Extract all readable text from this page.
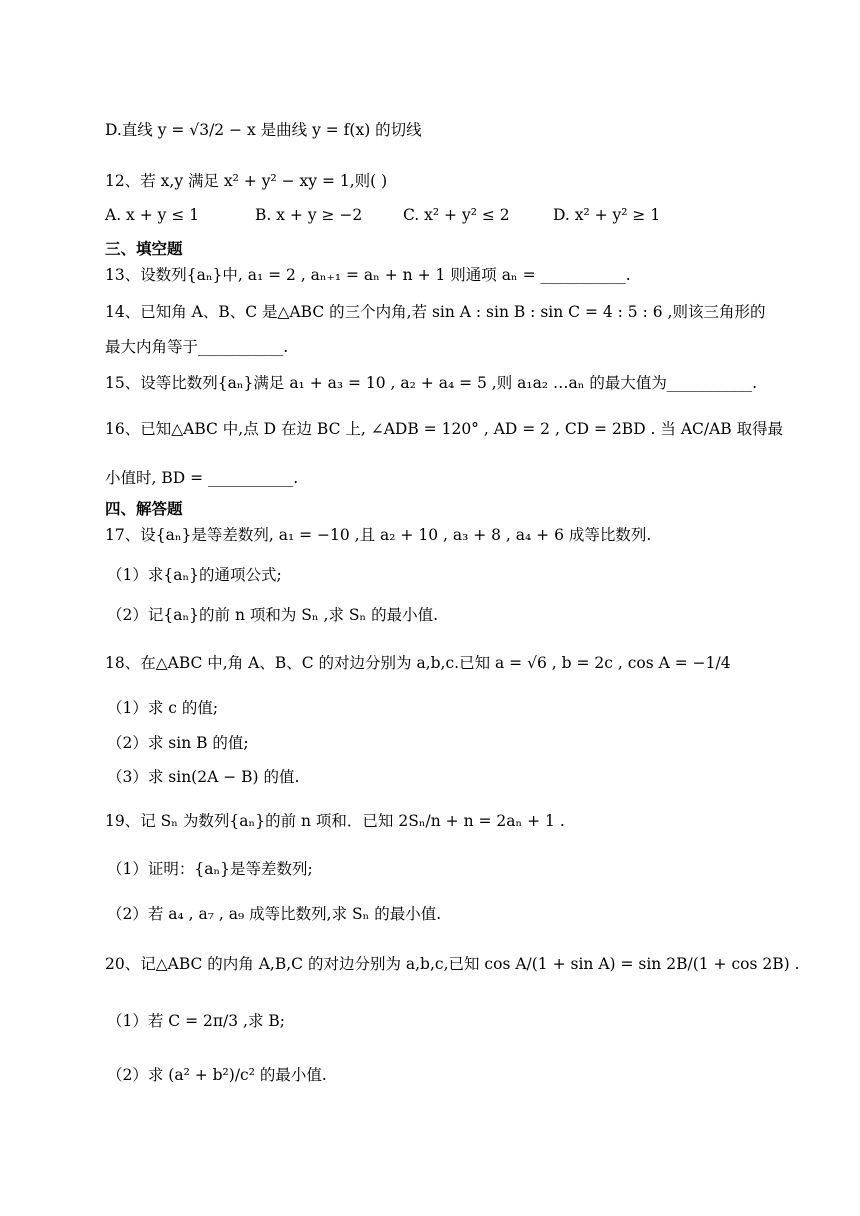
D.直线 y = √3/2 − x 是曲线 y = f(x) 的切线
12、若 x,y 满足 x² + y² − xy = 1,则( )
A. x + y ≤ 1	B. x + y ≥ −2	C. x² + y² ≤ 2	D. x² + y² ≥ 1
三、填空题
13、设数列{aₙ}中, a₁ = 2 , aₙ₊₁ = aₙ + n + 1 则通项 aₙ = ___________.
14、已知角 A、B、C 是△ABC 的三个内角,若 sin A : sin B : sin C = 4 : 5 : 6 ,则该三角形的
最大内角等于___________.
15、设等比数列{aₙ}满足 a₁ + a₃ = 10 , a₂ + a₄ = 5 ,则 a₁a₂ …aₙ 的最大值为___________.
16、已知△ABC 中,点 D 在边 BC 上, ∠ADB = 120° , AD = 2 , CD = 2BD . 当 AC/AB 取得最
小值时, BD = ___________.
四、解答题
17、设{aₙ}是等差数列, a₁ = −10 ,且 a₂ + 10 , a₃ + 8 , a₄ + 6 成等比数列.
（1）求{aₙ}的通项公式;
（2）记{aₙ}的前 n 项和为 Sₙ ,求 Sₙ 的最小值.
18、在△ABC 中,角 A、B、C 的对边分别为 a,b,c.已知 a = √6 , b = 2c , cos A = −1/4
（1）求 c 的值;
（2）求 sin B 的值;
（3）求 sin(2A − B) 的值.
19、记 Sₙ 为数列{aₙ}的前 n 项和．已知 2Sₙ/n + n = 2aₙ + 1 .
（1）证明：{aₙ}是等差数列;
（2）若 a₄ , a₇ , a₉ 成等比数列,求 Sₙ 的最小值.
20、记△ABC 的内角 A,B,C 的对边分别为 a,b,c,已知 cos A/(1 + sin A) = sin 2B/(1 + cos 2B) .
（1）若 C = 2π/3 ,求 B;
（2）求 (a² + b²)/c² 的最小值.
